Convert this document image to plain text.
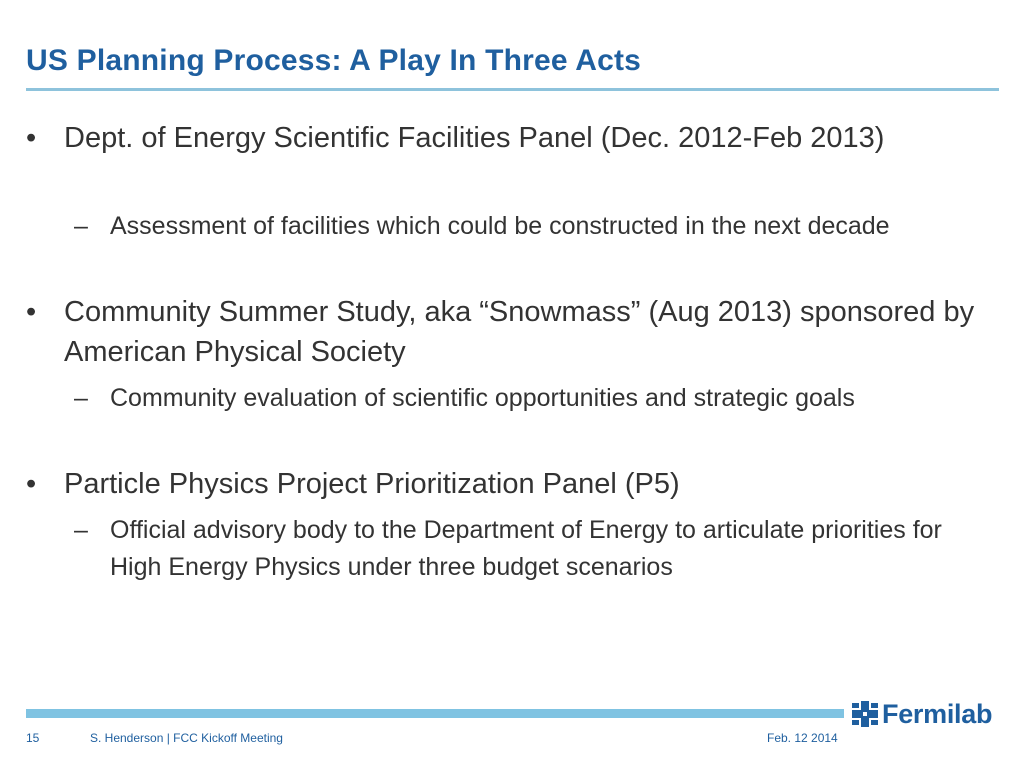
US Planning Process: A Play In Three Acts
• Dept. of Energy Scientific Facilities Panel (Dec. 2012-Feb 2013)
– Assessment of facilities which could be constructed in the next decade
• Community Summer Study, aka “Snowmass” (Aug 2013) sponsored by American Physical Society
– Community evaluation of scientific opportunities and strategic goals
• Particle Physics Project Prioritization Panel (P5)
– Official advisory body to the Department of Energy to articulate priorities for High Energy Physics under three budget scenarios
Fermilab
15	S. Henderson | FCC Kickoff Meeting	Feb. 12 2014
